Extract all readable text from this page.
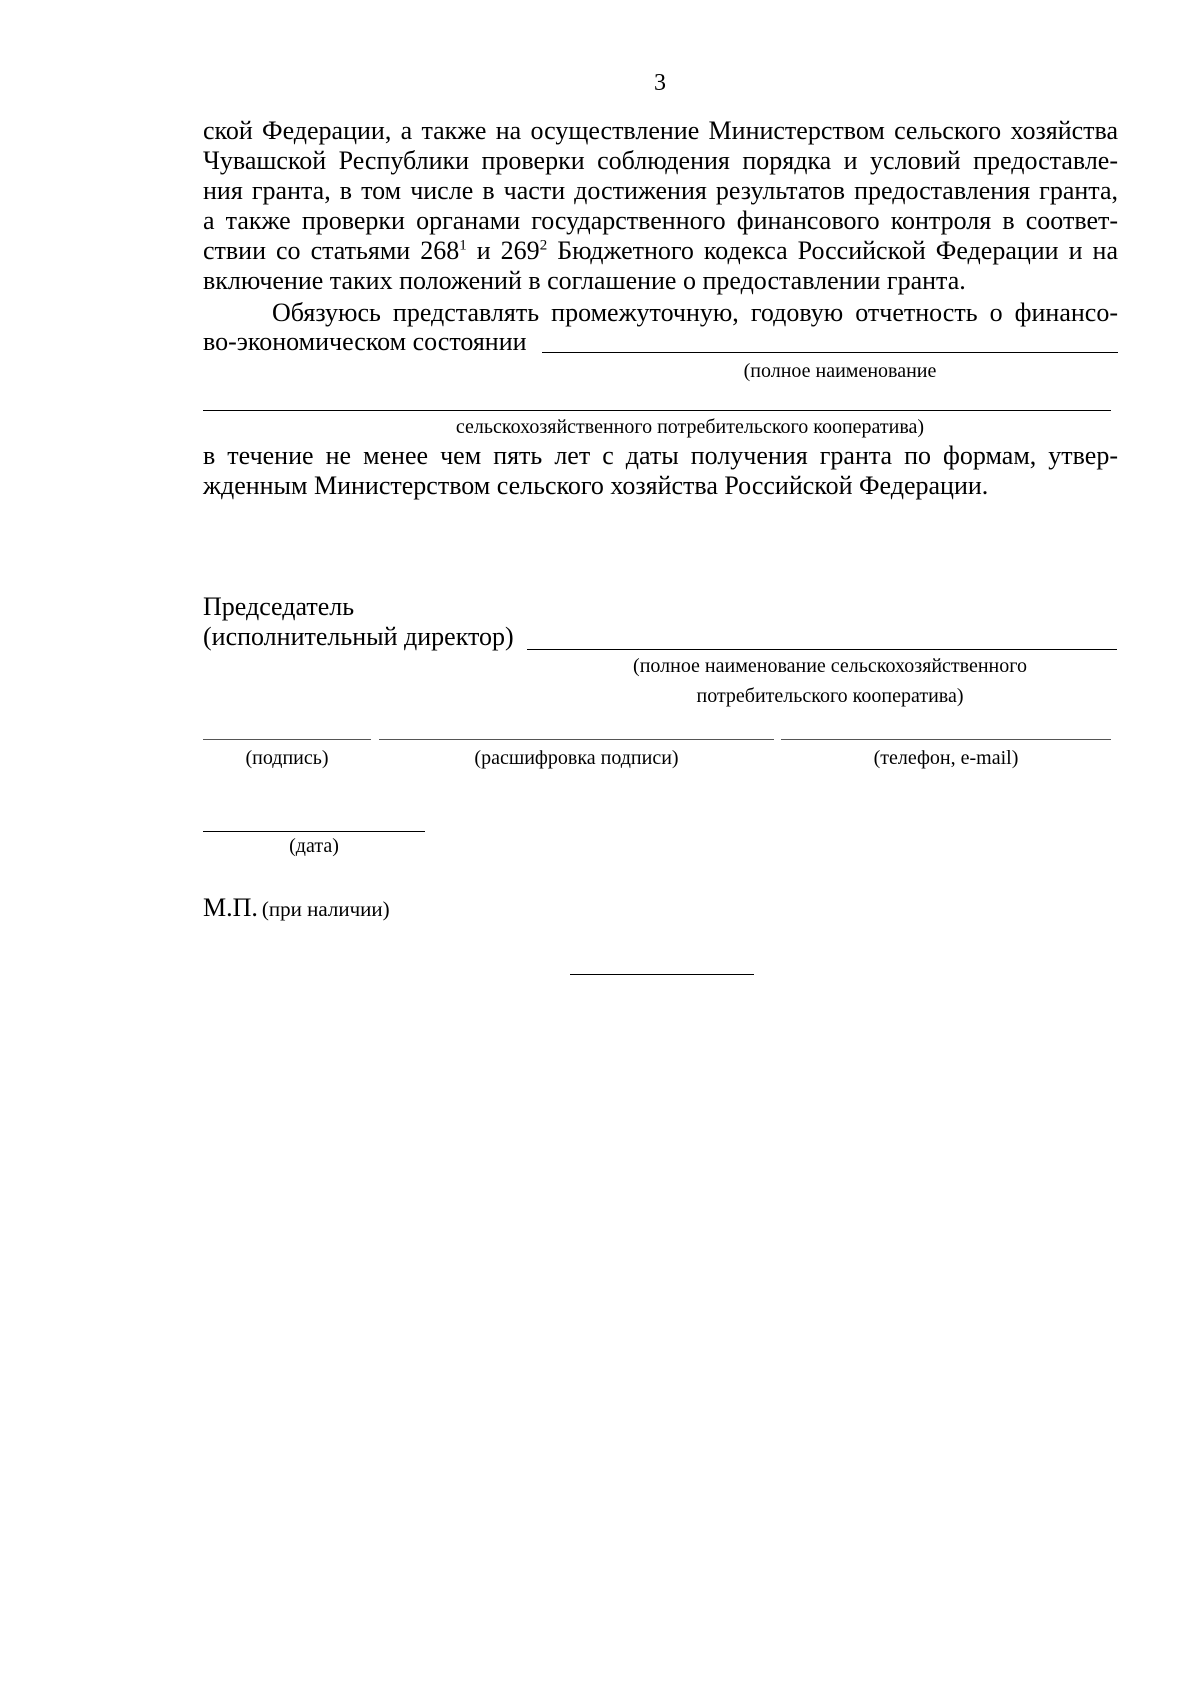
3
ской Федерации, а также на осуществление Министерством сельского хозяйства
Чувашской Республики проверки соблюдения порядка и условий предоставле-
ния гранта, в том числе в части достижения результатов предоставления гранта,
а также проверки органами государственного финансового контроля в соответ-
ствии со статьями $268^1$ и $269^2$ Бюджетного кодекса Российской Федерации и на
включение таких положений в соглашение о предоставлении гранта.
Обязуюсь представлять промежуточную, годовую отчетность о финансо-
во-экономическом состоянии
(полное наименование
сельскохозяйственного потребительского кооператива)
в течение не менее чем пять лет с даты получения гранта по формам, утвер-
жденным Министерством сельского хозяйства Российской Федерации.
Председатель
(исполнительный директор)
(полное наименование сельскохозяйственного
потребительского кооператива)
(подпись)	(расшифровка подписи)	(телефон, e-mail)
(дата)
М.П. (при наличии)
